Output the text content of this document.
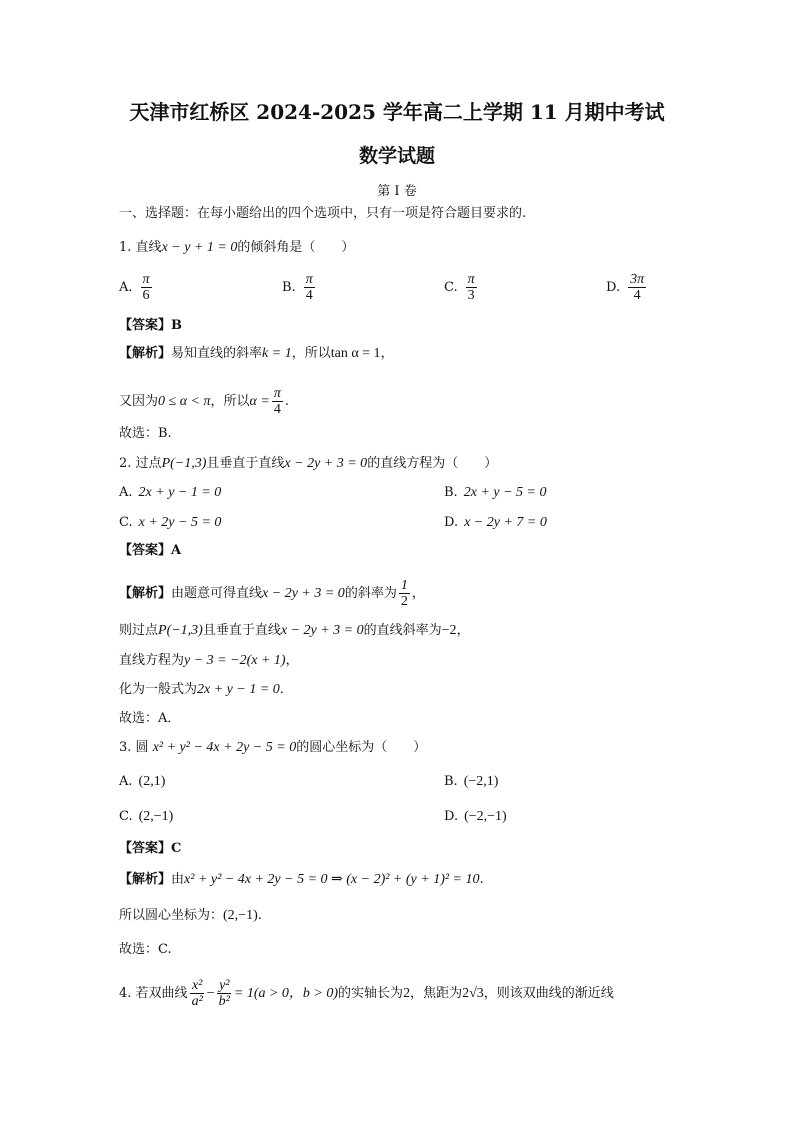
天津市红桥区 2024-2025 学年高二上学期 11 月期中考试
数学试题
第 I 卷
一、选择题：在每小题给出的四个选项中，只有一项是符合题目要求的.
1. 直线x − y + 1 = 0的倾斜角是（　　）
A. $\frac{\pi}{6}$	B. $\frac{\pi}{4}$	C. $\frac{\pi}{3}$	D. $\frac{3\pi}{4}$
【答案】B
【解析】易知直线的斜率k = 1，所以tan α = 1，
又因为0 ≤ α < π，所以$\alpha = \frac{\pi}{4}$ .
故选：B.
2. 过点P(−1,3)且垂直于直线x − 2y + 3 = 0的直线方程为（　　）
A. 2x + y − 1 = 0	B. 2x + y − 5 = 0
C. x + 2y − 5 = 0	D. x − 2y + 7 = 0
【答案】A
【解析】由题意可得直线x − 2y + 3 = 0的斜率为 $\frac{1}{2}$ ，
则过点P(−1,3)且垂直于直线x − 2y + 3 = 0的直线斜率为−2，
直线方程为y − 3 = −2(x + 1)，
化为一般式为2x + y − 1 = 0．
故选：A．
3. 圆 x² + y² − 4x + 2y − 5 = 0的圆心坐标为（　　）
A. (2,1)	B. (−2,1)
C. (2,−1)	D. (−2,−1)
【答案】C
【解析】由x² + y² − 4x + 2y − 5 = 0 ⇒ (x − 2)² + (y + 1)² = 10.
所以圆心坐标为：(2,−1).
故选：C.
4. 若双曲线 $\frac{\text{x²}}{\text{a²}} - \frac{\text{y²}}{\text{b²}} = 1(a > 0$，b > 0)的实轴长为2，焦距为2√3，则该双曲线的渐近线
